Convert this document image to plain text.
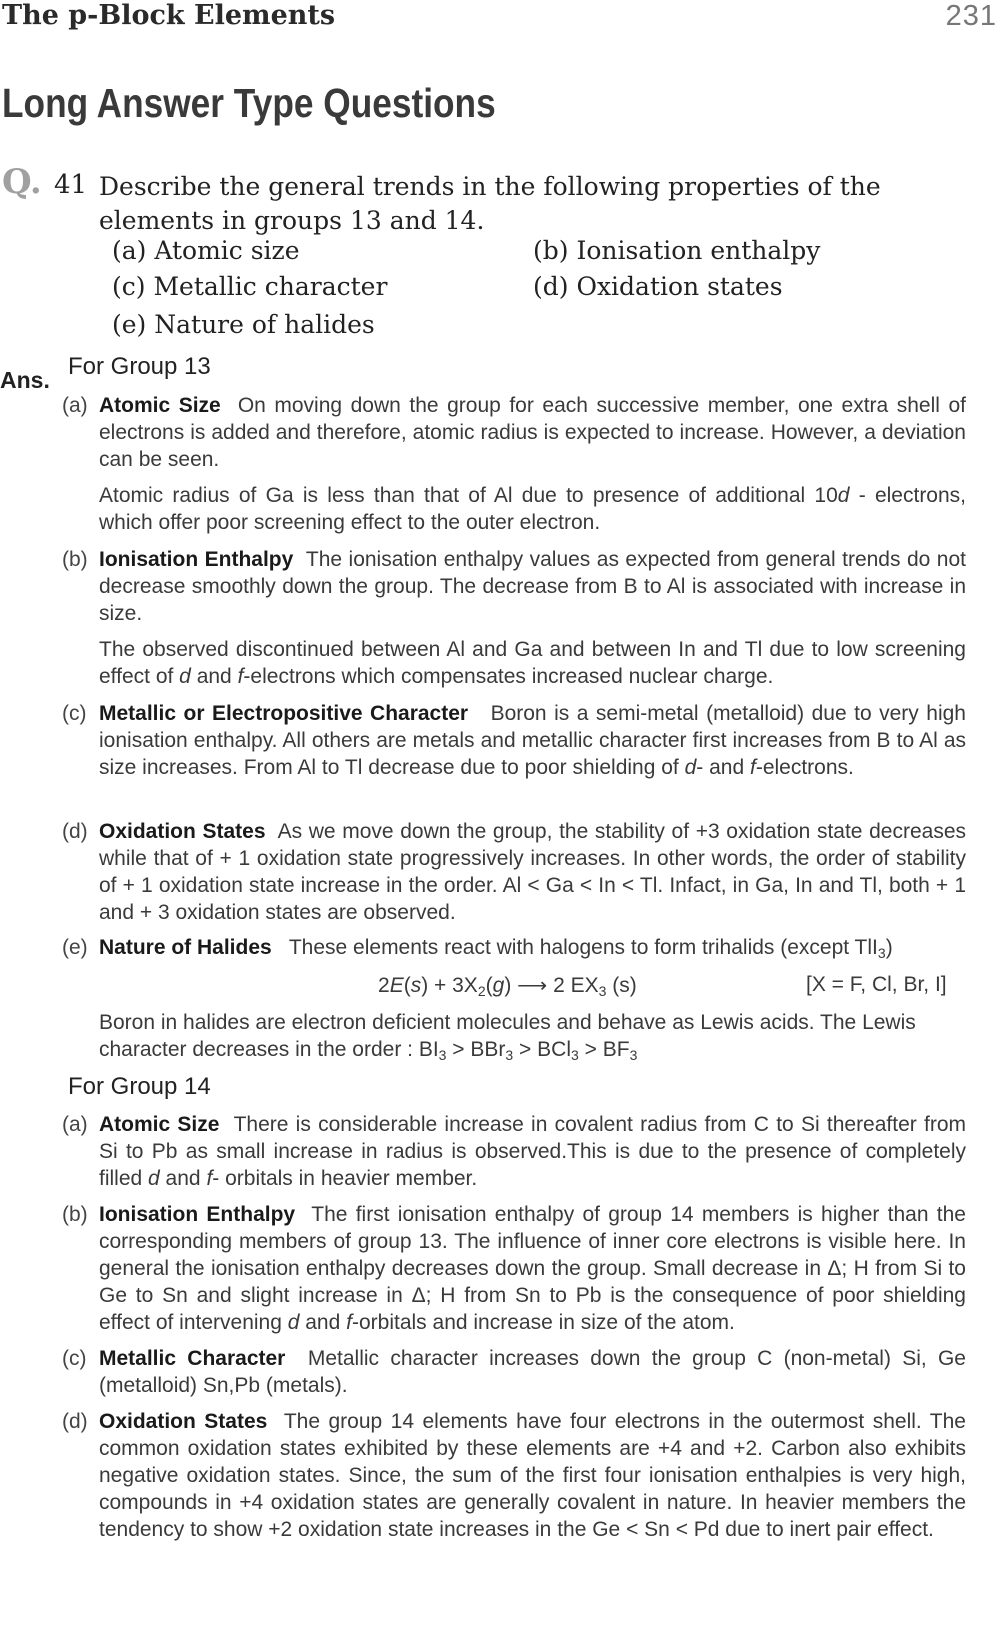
The p-Block Elements	231
Long Answer Type Questions
Q. 41 Describe the general trends in the following properties of the elements in groups 13 and 14.
(a) Atomic size	(b) Ionisation enthalpy
(c) Metallic character	(d) Oxidation states
(e) Nature of halides
Ans. For Group 13
(a) Atomic Size On moving down the group for each successive member, one extra shell of electrons is added and therefore, atomic radius is expected to increase. However, a deviation can be seen.
Atomic radius of Ga is less than that of Al due to presence of additional 10d - electrons, which offer poor screening effect to the outer electron.
(b) Ionisation Enthalpy The ionisation enthalpy values as expected from general trends do not decrease smoothly down the group. The decrease from B to Al is associated with increase in size.
The observed discontinued between Al and Ga and between In and Tl due to low screening effect of d and f-electrons which compensates increased nuclear charge.
(c) Metallic or Electropositive Character Boron is a semi-metal (metalloid) due to very high ionisation enthalpy. All others are metals and metallic character first increases from B to Al as size increases. From Al to Tl decrease due to poor shielding of d- and f-electrons.
(d) Oxidation States As we move down the group, the stability of +3 oxidation state decreases while that of + 1 oxidation state progressively increases. In other words, the order of stability of + 1 oxidation state increase in the order. Al < Ga < In < Tl. Infact, in Ga, In and Tl, both + 1 and + 3 oxidation states are observed.
(e) Nature of Halides These elements react with halogens to form trihalids (except TlI$_3$)
$2E(s) + 3X_2(g)$ ⟶ 2 $EX_3$ (s)	[X = F, Cl, Br, I]
Boron in halides are electron deficient molecules and behave as Lewis acids. The Lewis character decreases in the order : $BI_3 > BBr_3 > BCl_3 > BF_3$
For Group 14
(a) Atomic Size There is considerable increase in covalent radius from C to Si thereafter from Si to Pb as small increase in radius is observed.This is due to the presence of completely filled d and f- orbitals in heavier member.
(b) Ionisation Enthalpy The first ionisation enthalpy of group 14 members is higher than the corresponding members of group 13. The influence of inner core electrons is visible here. In general the ionisation enthalpy decreases down the group. Small decrease in Δ; H from Si to Ge to Sn and slight increase in Δ; H from Sn to Pb is the consequence of poor shielding effect of intervening d and f-orbitals and increase in size of the atom.
(c) Metallic Character Metallic character increases down the group C (non-metal) Si, Ge (metalloid) Sn,Pb (metals).
(d) Oxidation States The group 14 elements have four electrons in the outermost shell. The common oxidation states exhibited by these elements are +4 and +2. Carbon also exhibits negative oxidation states. Since, the sum of the first four ionisation enthalpies is very high, compounds in +4 oxidation states are generally covalent in nature. In heavier members the tendency to show +2 oxidation state increases in the Ge < Sn < Pd due to inert pair effect.
